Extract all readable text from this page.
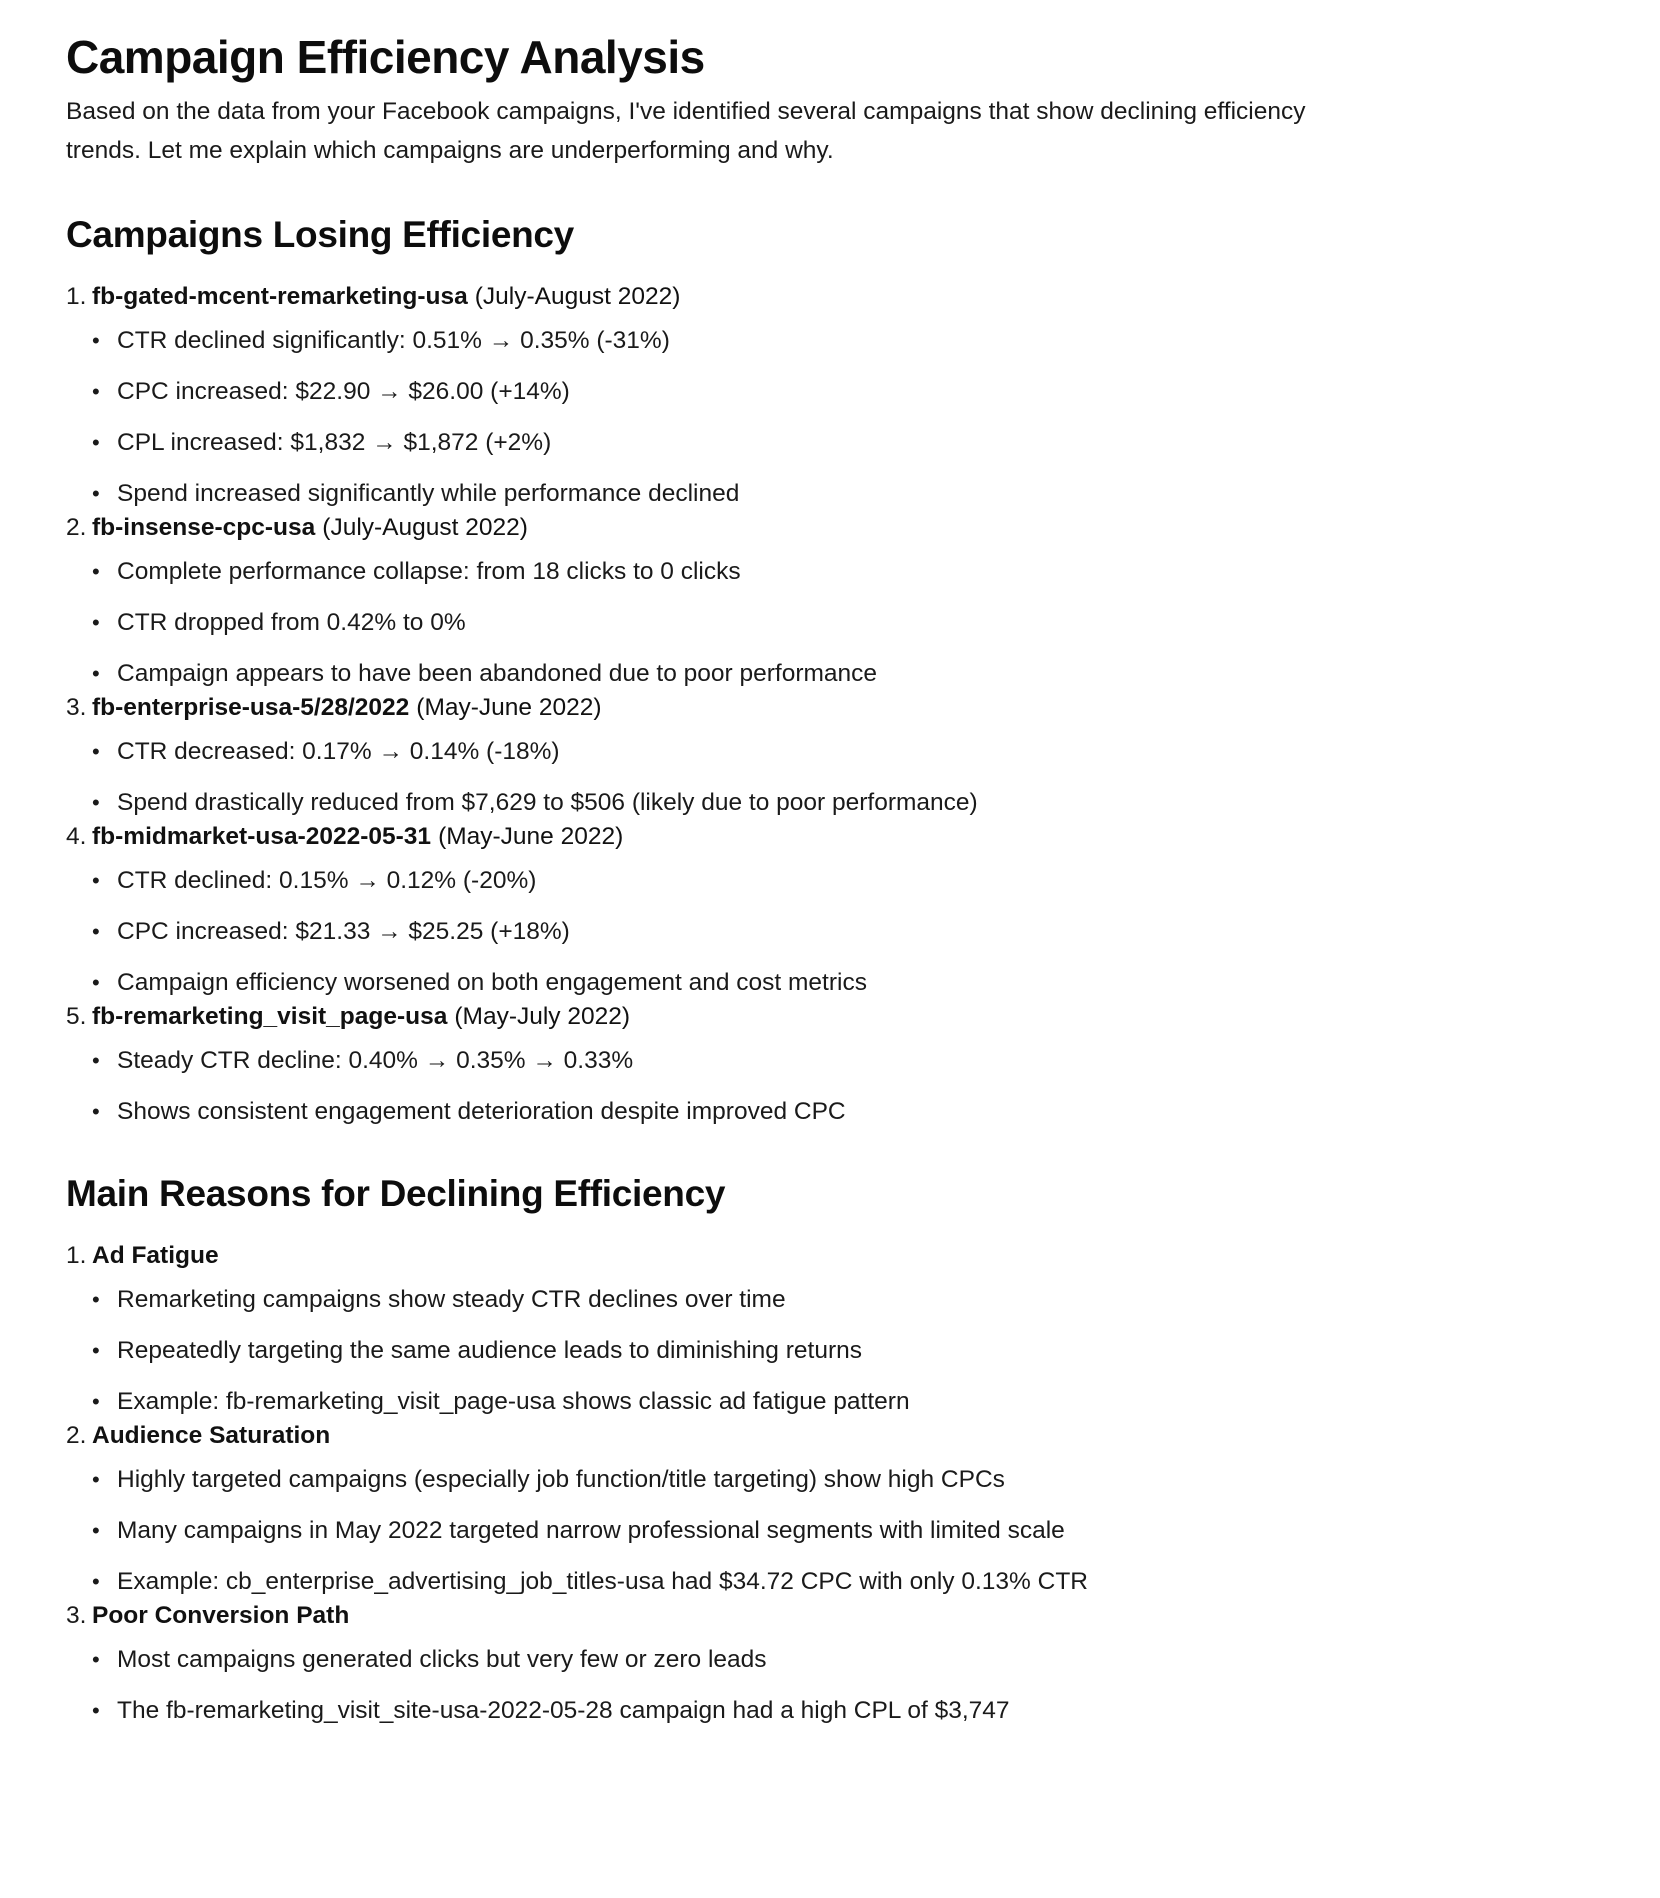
Campaign Efficiency Analysis

Based on the data from your Facebook campaigns, I've identified several campaigns that show declining efficiency trends. Let me explain which campaigns are underperforming and why.

Campaigns Losing Efficiency
1. fb-gated-mcent-remarketing-usa (July-August 2022)
• CTR declined significantly: 0.51% → 0.35% (-31%)
• CPC increased: $22.90 → $26.00 (+14%)
• CPL increased: $1,832 → $1,872 (+2%)
• Spend increased significantly while performance declined
2. fb-insense-cpc-usa (July-August 2022)
• Complete performance collapse: from 18 clicks to 0 clicks
• CTR dropped from 0.42% to 0%
• Campaign appears to have been abandoned due to poor performance
3. fb-enterprise-usa-5/28/2022 (May-June 2022)
• CTR decreased: 0.17% → 0.14% (-18%)
• Spend drastically reduced from $7,629 to $506 (likely due to poor performance)
4. fb-midmarket-usa-2022-05-31 (May-June 2022)
• CTR declined: 0.15% → 0.12% (-20%)
• CPC increased: $21.33 → $25.25 (+18%)
• Campaign efficiency worsened on both engagement and cost metrics
5. fb-remarketing_visit_page-usa (May-July 2022)
• Steady CTR decline: 0.40% → 0.35% → 0.33%
• Shows consistent engagement deterioration despite improved CPC
Main Reasons for Declining Efficiency
1. Ad Fatigue
• Remarketing campaigns show steady CTR declines over time
• Repeatedly targeting the same audience leads to diminishing returns
• Example: fb-remarketing_visit_page-usa shows classic ad fatigue pattern
2. Audience Saturation
• Highly targeted campaigns (especially job function/title targeting) show high CPCs
• Many campaigns in May 2022 targeted narrow professional segments with limited scale
• Example: cb_enterprise_advertising_job_titles-usa had $34.72 CPC with only 0.13% CTR
3. Poor Conversion Path
• Most campaigns generated clicks but very few or zero leads
• The fb-remarketing_visit_site-usa-2022-05-28 campaign had a high CPL of $3,747
